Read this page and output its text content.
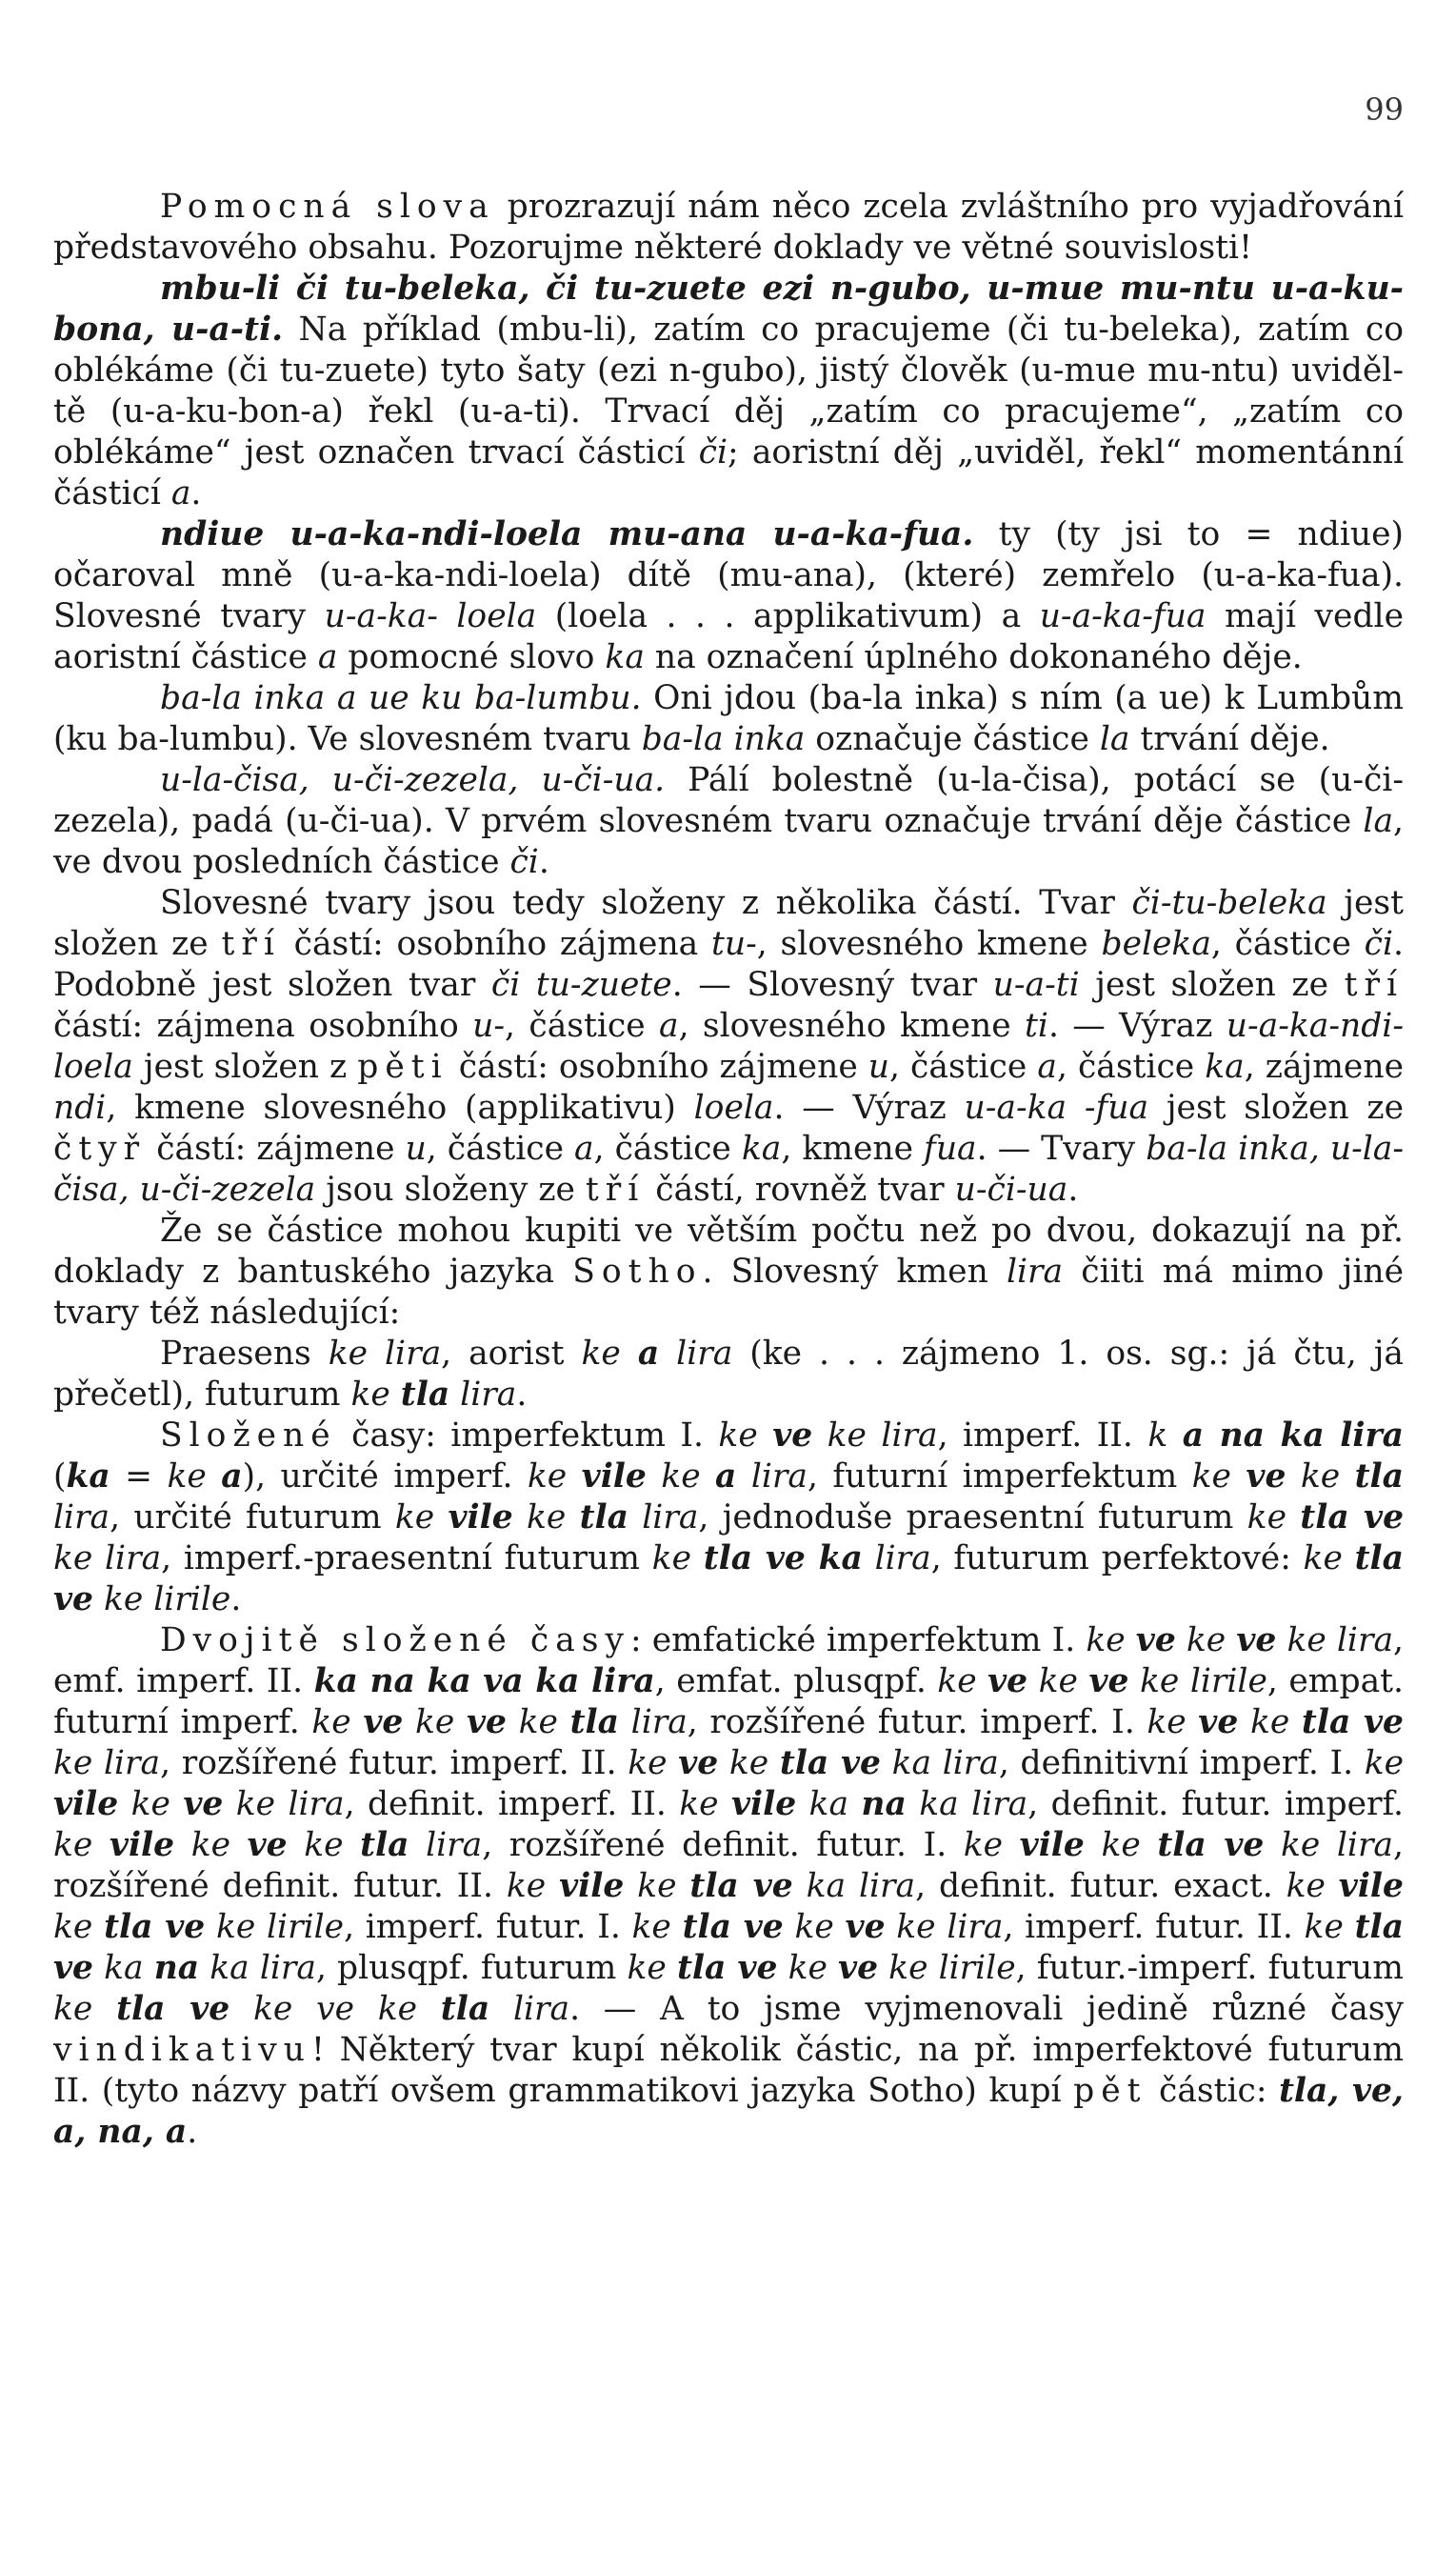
99

Pomocná slova prozrazují nám něco zcela zvláštního pro vyjadřování představového obsahu. Pozorujme některé doklady ve větné souvislosti!

mbu-li či tu-beleka, či tu-zuete ezi n-gubo, u-mue mu-ntu u-a-ku-bona, u-a-ti. Na příklad (mbu-li), zatím co pracujeme (či tu-beleka), zatím co oblékáme (či tu-zuete) tyto šaty (ezi n-gubo), jistý člověk (u-mue mu-ntu) uviděl-tě (u-a-ku-bon-a) řekl (u-a-ti). Trvací děj „zatím co pracujeme“, „zatím co oblékáme“ jest označen trvací částicí či; aoristní děj „uviděl, řekl“ momentánní částicí a.

ndiue u-a-ka-ndi-loela mu-ana u-a-ka-fua. ty (ty jsi to = ndiue) očaroval mně (u-a-ka-ndi-loela) dítě (mu-ana), (které) zemřelo (u-a-ka-fua). Slovesné tvary u-a-ka- loela (loela . . . applikativum) a u-a-ka-fua mají vedle aoristní částice a pomocné slovo ka na označení úplného dokonaného děje.

ba-la inka a ue ku ba-lumbu. Oni jdou (ba-la inka) s ním (a ue) k Lumbům (ku ba-lumbu). Ve slovesném tvaru ba-la inka označuje částice la trvání děje.

u-la-čisa, u-či-zezela, u-či-ua. Pálí bolestně (u-la-čisa), potácí se (u-či-zezela), padá (u-či-ua). V prvém slovesném tvaru označuje trvání děje částice la, ve dvou posledních částice či.

Slovesné tvary jsou tedy složeny z několika částí. Tvar či-tu-beleka jest složen ze tří částí: osobního zájmena tu-, slovesného kmene beleka, částice či. Podobně jest složen tvar či tu-zuete. — Slovesný tvar u-a-ti jest složen ze tří částí: zájmena osobního u-, částice a, slovesného kmene ti. — Výraz u-a-ka-ndi-loela jest složen z pěti částí: osobního zájmene u, částice a, částice ka, zájmene ndi, kmene slovesného (applikativu) loela. — Výraz u-a-ka -fua jest složen ze čtyř částí: zájmene u, částice a, částice ka, kmene fua. — Tvary ba-la inka, u-la-čisa, u-či-zezela jsou složeny ze tří částí, rovněž tvar u-či-ua.

Že se částice mohou kupiti ve větším počtu než po dvou, dokazují na př. doklady z bantuského jazyka Sotho. Slovesný kmen lira čiiti má mimo jiné tvary též následující:

Praesens ke lira, aorist ke a lira (ke . . . zájmeno 1. os. sg.: já čtu, já přečetl), futurum ke tla lira.

Složené časy: imperfektum I. ke ve ke lira, imperf. II. k a na ka lira (ka = ke a), určité imperf. ke vile ke a lira, futurní imperfektum ke ve ke tla lira, určité futurum ke vile ke tla lira, jednoduše praesentní futurum ke tla ve ke lira, imperf.-praesentní futurum ke tla ve ka lira, futurum perfektové: ke tla ve ke lirile.

Dvojitě složené časy: emfatické imperfektum I. ke ve ke ve ke lira, emf. imperf. II. ka na ka va ka lira, emfat. plusqpf. ke ve ke ve ke lirile, empat. futurní imperf. ke ve ke ve ke tla lira, rozšířené futur. imperf. I. ke ve ke tla ve ke lira, rozšířené futur. imperf. II. ke ve ke tla ve ka lira, definitivní imperf. I. ke vile ke ve ke lira, definit. imperf. II. ke vile ka na ka lira, definit. futur. imperf. ke vile ke ve ke tla lira, rozšířené definit. futur. I. ke vile ke tla ve ke lira, rozšířené definit. futur. II. ke vile ke tla ve ka lira, definit. futur. exact. ke vile ke tla ve ke lirile, imperf. futur. I. ke tla ve ke ve ke lira, imperf. futur. II. ke tla ve ka na ka lira, plusqpf. futurum ke tla ve ke ve ke lirile, futur.-imperf. futurum ke tla ve ke ve ke tla lira. — A to jsme vyjmenovali jedině různé časy vindikativu! Některý tvar kupí několik částic, na př. imperfektové futurum II. (tyto názvy patří ovšem grammatikovi jazyka Sotho) kupí pět částic: tla, ve, a, na, a.
